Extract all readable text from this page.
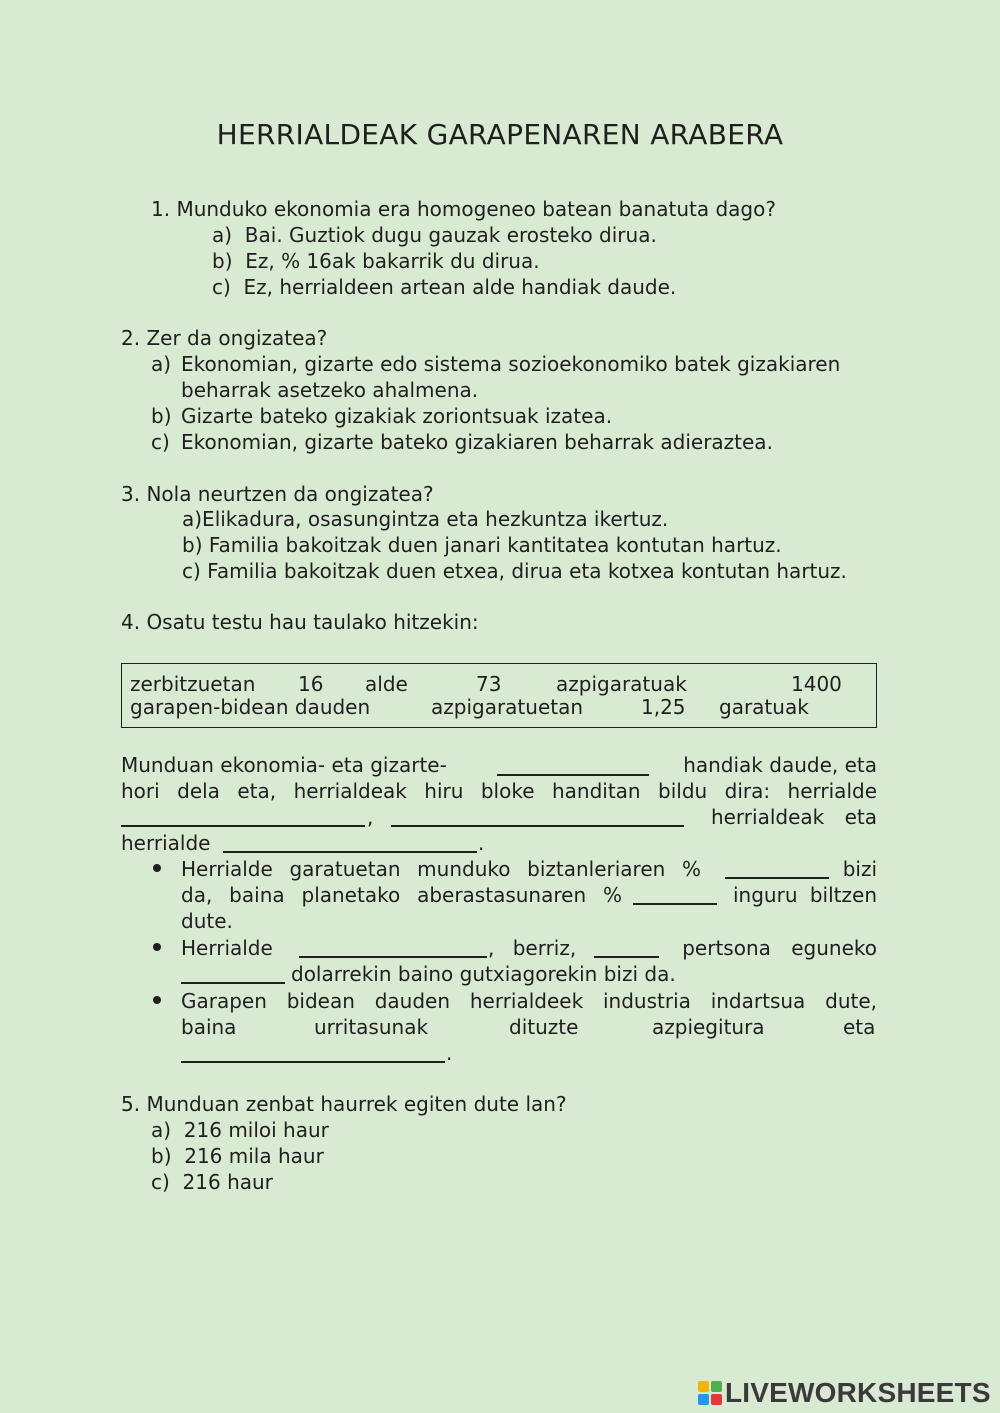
HERRIALDEAK GARAPENAREN ARABERA
1. Munduko ekonomia era homogeneo batean banatuta dago?
a) Bai. Guztiok dugu gauzak erosteko dirua.
b) Ez, % 16ak bakarrik du dirua.
c) Ez, herrialdeen artean alde handiak daude.
2. Zer da ongizatea?
a) Ekonomian, gizarte edo sistema sozioekonomiko batek gizakiaren
beharrak asetzeko ahalmena.
b) Gizarte bateko gizakiak zoriontsuak izatea.
c) Ekonomian, gizarte bateko gizakiaren beharrak adieraztea.
3. Nola neurtzen da ongizatea?
a)Elikadura, osasungintza eta hezkuntza ikertuz.
b) Familia bakoitzak duen janari kantitatea kontutan hartuz.
c) Familia bakoitzak duen etxea, dirua eta kotxea kontutan hartuz.
4. Osatu testu hau taulako hitzekin:
zerbitzuetan 16 alde	73	azpigaratuak	1400
garapen-bidean dauden	azpigaratuetan	1,25 garatuak
Munduan ekonomia- eta gizarte-	handiak daude, eta
hori dela eta, herrialdeak hiru bloke handitan bildu dira: herrialde
,	herrialdeak eta
herrialde	.
Herrialde garatuetan munduko biztanleriaren %	bizi
da, baina planetako aberastasunaren %	inguru biltzen
dute.
Herrialde	, berriz,	pertsona eguneko
dolarrekin baino gutxiagorekin bizi da.
Garapen bidean dauden herrialdeek industria indartsua dute,
baina	urritasunak	dituzte	azpiegitura	eta
.
5. Munduan zenbat haurrek egiten dute lan?
a) 216 miloi haur
b) 216 mila haur
c) 216 haur
LIVEWORKSHEETS
